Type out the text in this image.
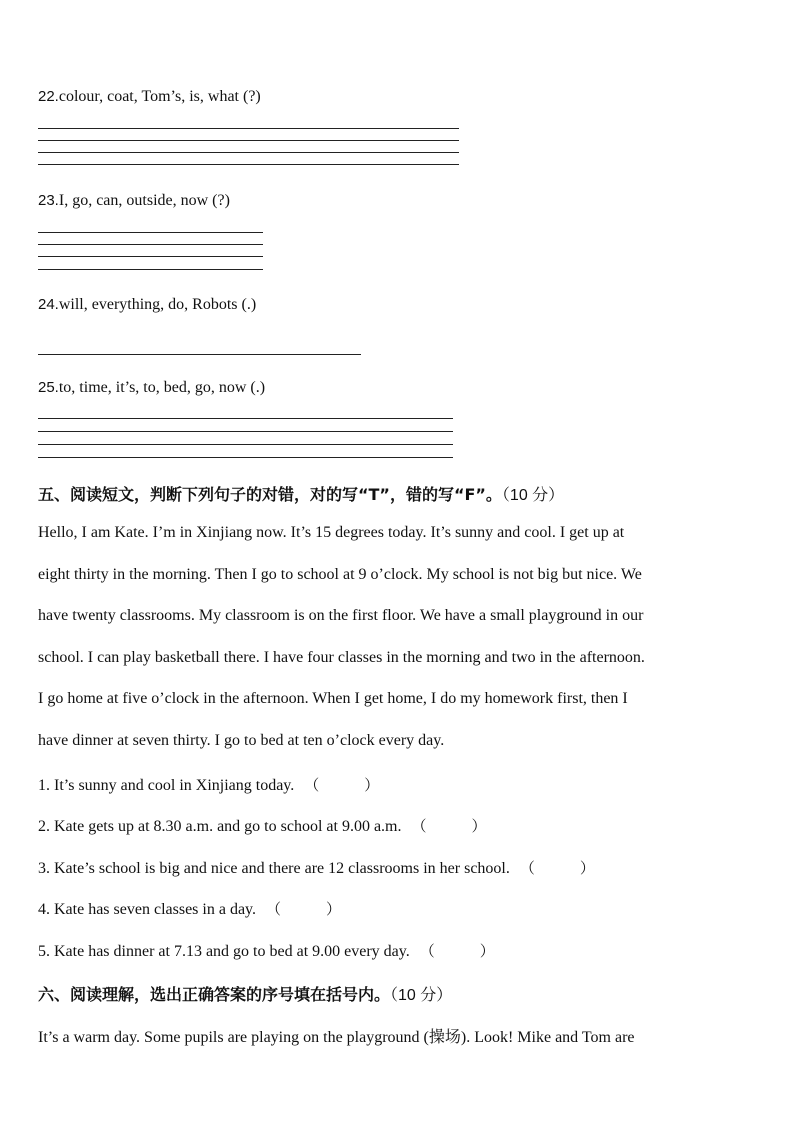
22.colour, coat, Tom’s, is, what (?)
23.I, go, can, outside, now (?)
24.will, everything, do, Robots (.)
25.to, time, it’s, to, bed, go, now (.)
五、阅读短文，判断下列句子的对错，对的写“T”，错的写“F”。（10 分）
Hello, I am Kate. I’m in Xinjiang now. It’s 15 degrees today. It’s sunny and cool. I get up at
eight thirty in the morning. Then I go to school at 9 o’clock. My school is not big but nice. We
have twenty classrooms. My classroom is on the first floor. We have a small playground in our
school. I can play basketball there. I have four classes in the morning and two in the afternoon.
I go home at five o’clock in the afternoon. When I get home, I do my homework first, then I
have dinner at seven thirty. I go to bed at ten o’clock every day.
1. It’s sunny and cool in Xinjiang today. （　　　）
2. Kate gets up at 8.30 a.m. and go to school at 9.00 a.m. （　　　）
3. Kate’s school is big and nice and there are 12 classrooms in her school. （　　　）
4. Kate has seven classes in a day. （　　　）
5. Kate has dinner at 7.13 and go to bed at 9.00 every day. （　　　）
六、阅读理解，选出正确答案的序号填在括号内。（10 分）
It’s a warm day. Some pupils are playing on the playground (操场). Look! Mike and Tom are
